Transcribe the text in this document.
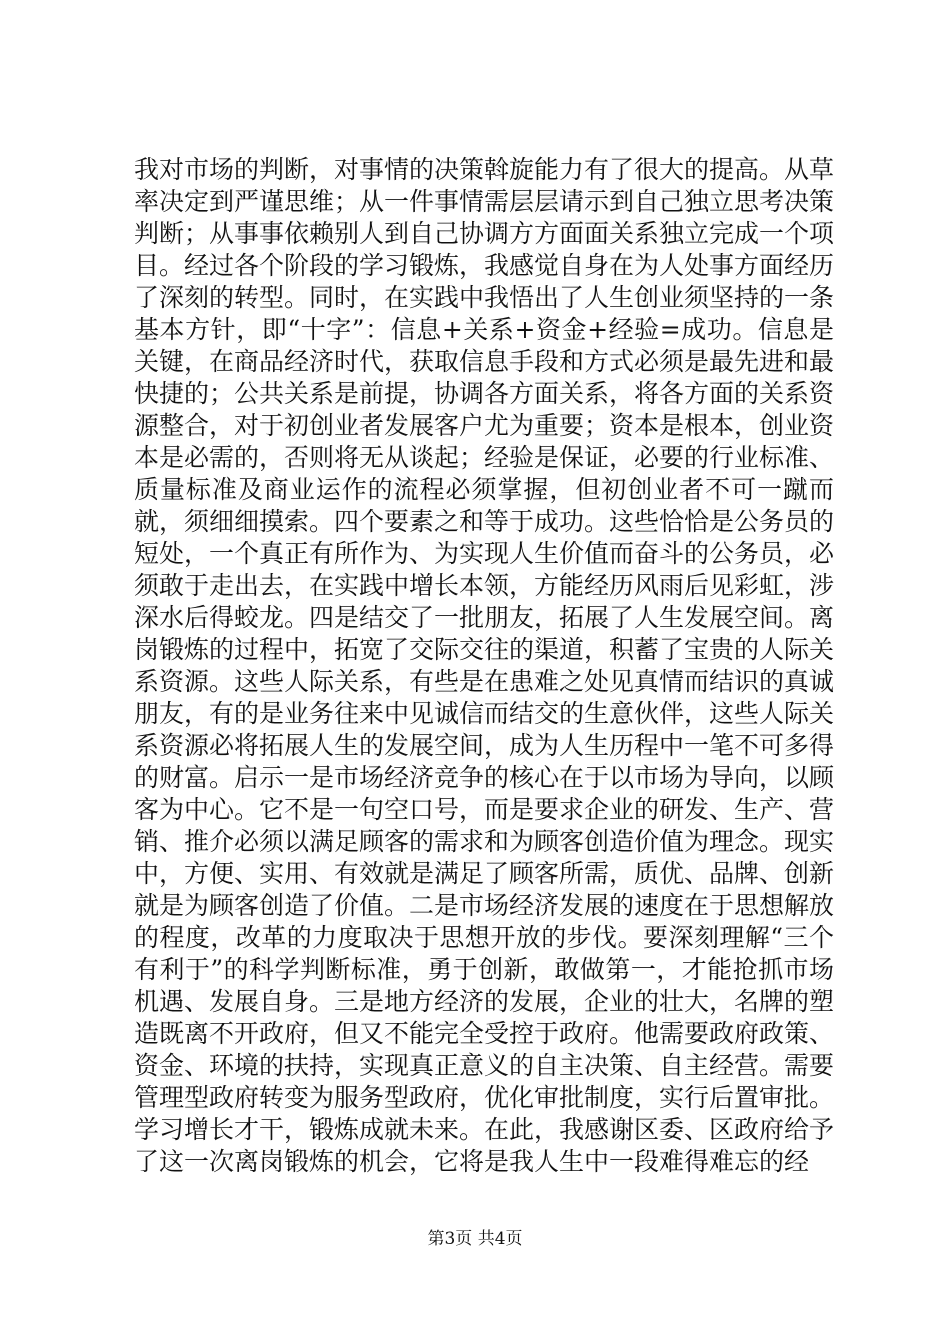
我对市场的判断，对事情的决策斡旋能力有了很大的提高。从草率决定到严谨思维；从一件事情需层层请示到自己独立思考决策判断；从事事依赖别人到自己协调方方面面关系独立完成一个项目。经过各个阶段的学习锻炼，我感觉自身在为人处事方面经历了深刻的转型。同时，在实践中我悟出了人生创业须坚持的一条基本方针，即“十字”：信息+关系+资金+经验=成功。信息是关键，在商品经济时代，获取信息手段和方式必须是最先进和最快捷的；公共关系是前提，协调各方面关系，将各方面的关系资源整合，对于初创业者发展客户尤为重要；资本是根本，创业资本是必需的，否则将无从谈起；经验是保证，必要的行业标准、质量标准及商业运作的流程必须掌握，但初创业者不可一蹴而就，须细细摸索。四个要素之和等于成功。这些恰恰是公务员的短处，一个真正有所作为、为实现人生价值而奋斗的公务员，必须敢于走出去，在实践中增长本领，方能经历风雨后见彩虹，涉深水后得蛟龙。四是结交了一批朋友，拓展了人生发展空间。离岗锻炼的过程中，拓宽了交际交往的渠道，积蓄了宝贵的人际关系资源。这些人际关系，有些是在患难之处见真情而结识的真诚朋友，有的是业务往来中见诚信而结交的生意伙伴，这些人际关系资源必将拓展人生的发展空间，成为人生历程中一笔不可多得的财富。启示一是市场经济竞争的核心在于以市场为导向，以顾客为中心。它不是一句空口号，而是要求企业的研发、生产、营销、推介必须以满足顾客的需求和为顾客创造价值为理念。现实中，方便、实用、有效就是满足了顾客所需，质优、品牌、创新就是为顾客创造了价值。二是市场经济发展的速度在于思想解放的程度，改革的力度取决于思想开放的步伐。要深刻理解“三个有利于”的科学判断标准，勇于创新，敢做第一，才能抢抓市场机遇、发展自身。三是地方经济的发展，企业的壮大，名牌的塑造既离不开政府，但又不能完全受控于政府。他需要政府政策、资金、环境的扶持，实现真正意义的自主决策、自主经营。需要管理型政府转变为服务型政府，优化审批制度，实行后置审批。学习增长才干，锻炼成就未来。在此，我感谢区委、区政府给予了这一次离岗锻炼的机会，它将是我人生中一段难得难忘的经
第3页 共4页
